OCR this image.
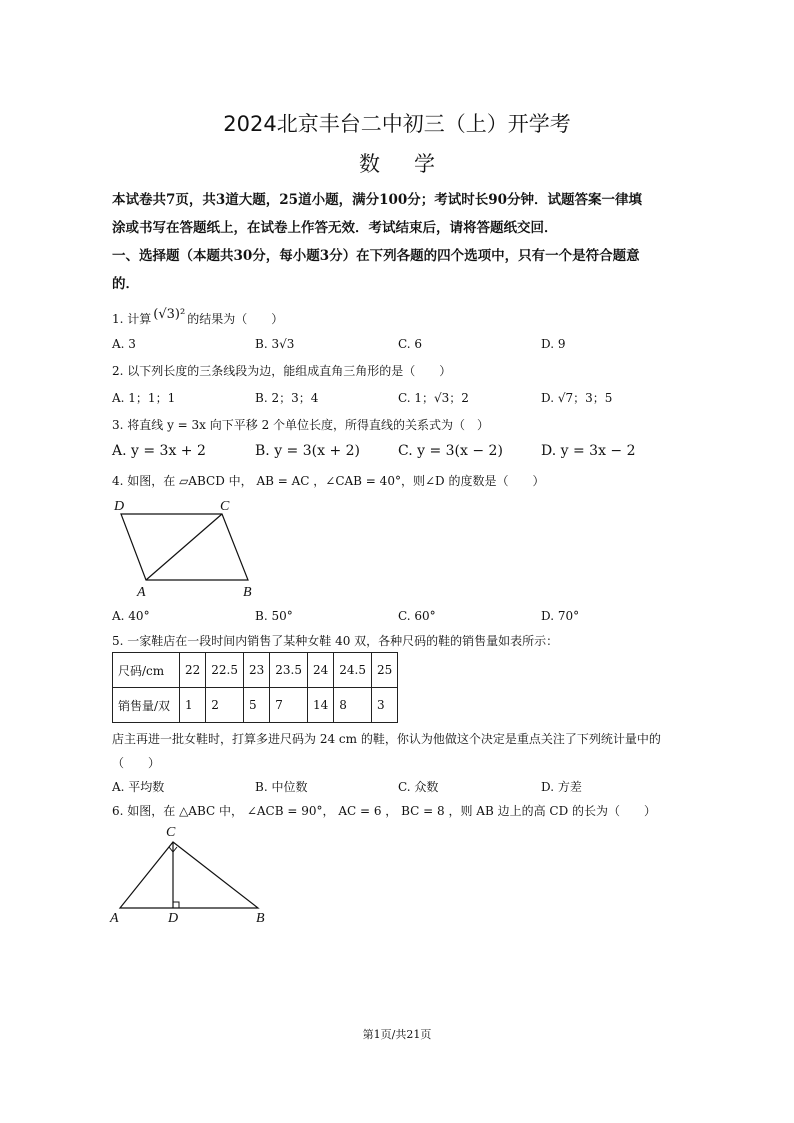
2024北京丰台二中初三（上）开学考
数学
本试卷共7页，共3道大题，25道小题，满分100分；考试时长90分钟．试题答案一律填
涂或书写在答题纸上，在试卷上作答无效．考试结束后，请将答题纸交回．
一、选择题（本题共30分，每小题3分）在下列各题的四个选项中，只有一个是符合题意
的．
1. 计算 (√3)² 的结果为（　　）
A. 3	B. 3√3	C. 6	D. 9
2. 以下列长度的三条线段为边，能组成直角三角形的是（　　）
A. 1；1；1	B. 2；3；4	C. 1；√3；2	D. √7；3；5
3. 将直线 y = 3x 向下平移 2 个单位长度，所得直线的关系式为（　）
A. y = 3x + 2	B. y = 3(x + 2)	C. y = 3(x − 2)	D. y = 3x − 2
4. 如图，在 ▱ABCD 中， AB = AC ，∠CAB = 40°，则∠D 的度数是（　　）
D	C
A	B
A. 40°	B. 50°	C. 60°	D. 70°
5. 一家鞋店在一段时间内销售了某种女鞋 40 双，各种尺码的鞋的销售量如表所示：
尺码/cm	22	22.5	23	23.5	24	24.5	25
销售量/双	1	2	5	7	14	8	3
店主再进一批女鞋时，打算多进尺码为 24 cm 的鞋，你认为他做这个决定是重点关注了下列统计量中的
（　　）
A. 平均数	B. 中位数	C. 众数	D. 方差
6. 如图，在 △ABC 中， ∠ACB = 90°， AC = 6 ， BC = 8 ，则 AB 边上的高 CD 的长为（　　）
C
A	D	B
第1页/共21页
